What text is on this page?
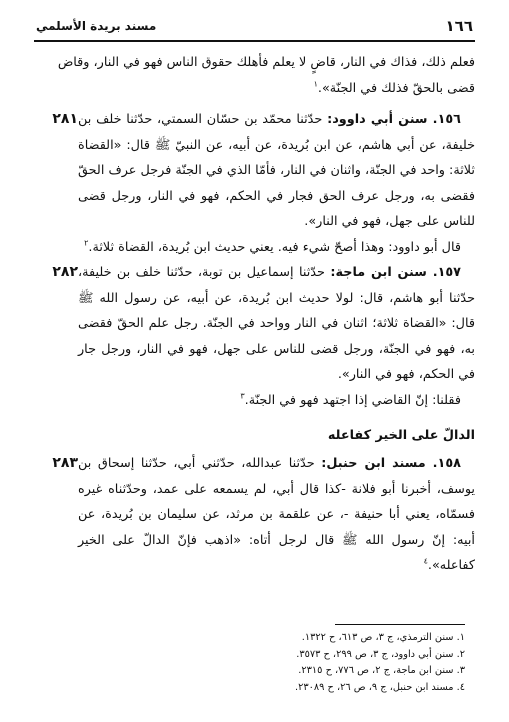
١٦٦
مسند بريدة الأسلمي

فعلم ذلك، فذاك في النار، قاضٍ لا يعلم فأهلك حقوق الناس فهو في النار، وقاض
قضى بالحقّ فذلك في الجنّة».$^١$

١٥٦. سنن أبي داوود: حدّثنا محمّد بن حسّان السمتي، حدّثنا خلف بن خليفة، عن أبي هاشم، عن ابن بُريدة، عن أبيه، عن النبيّ ﷺ قال: «القضاة ثلاثة: واحد في الجنّة، واثنان في النار، فأمّا الذي في الجنّة فرجل عرف الحقّ فقضى به، ورجل عرف الحق فجار في الحكم، فهو في النار، ورجل قضى للناس على جهل، فهو في النار».

قال أبو داوود: وهذا أصحّ شيء فيه. يعني حديث ابن بُريدة، القضاة ثلاثة.$^٢$

٢٨١

١٥٧. سنن ابن ماجة: حدّثنا إسماعيل بن توبة، حدّثنا خلف بن خليفة، حدّثنا أبو هاشم، قال: لولا حديث ابن بُريدة، عن أبيه، عن رسول الله ﷺ قال: «القضاة ثلاثة؛ اثنان في النار وواحد في الجنّة. رجل علم الحقّ فقضى به، فهو في الجنّة، ورجل قضى للناس على جهل، فهو في النار، ورجل جار في الحكم، فهو في النار».

فقلنا: إنّ القاضي إذا اجتهد فهو في الجنّة.$^٣$

٢٨٢
الدالّ على الخير كفاعله

١٥٨. مسند ابن حنبل: حدّثنا عبدالله، حدّثني أبي، حدّثنا إسحاق بن يوسف، أخبرنا أبو فلانة -كذا قال أبي، لم يسمعه على عمد، وحدّثناه غيره فسمّاه، يعني أبا حنيفة -، عن علقمة بن مرثد، عن سليمان بن بُريدة، عن أبيه: إنّ رسول الله ﷺ قال لرجل أتاه: «اذهب فإنّ الدالّ على الخير كفاعله».$^٤$

٢٨٣
١. سنن الترمذي، ج ٣، ص ٦١٣، ح ١٣٢٢.
٢. سنن أبي داوود، ج ٣، ص ٢٩٩، ح ٣٥٧٣.
٣. سنن ابن ماجة، ج ٢، ص ٧٧٦، ح ٢٣١٥.
٤. مسند ابن حنبل، ج ٩، ص ٢٦، ح ٢٣٠٨٩.
